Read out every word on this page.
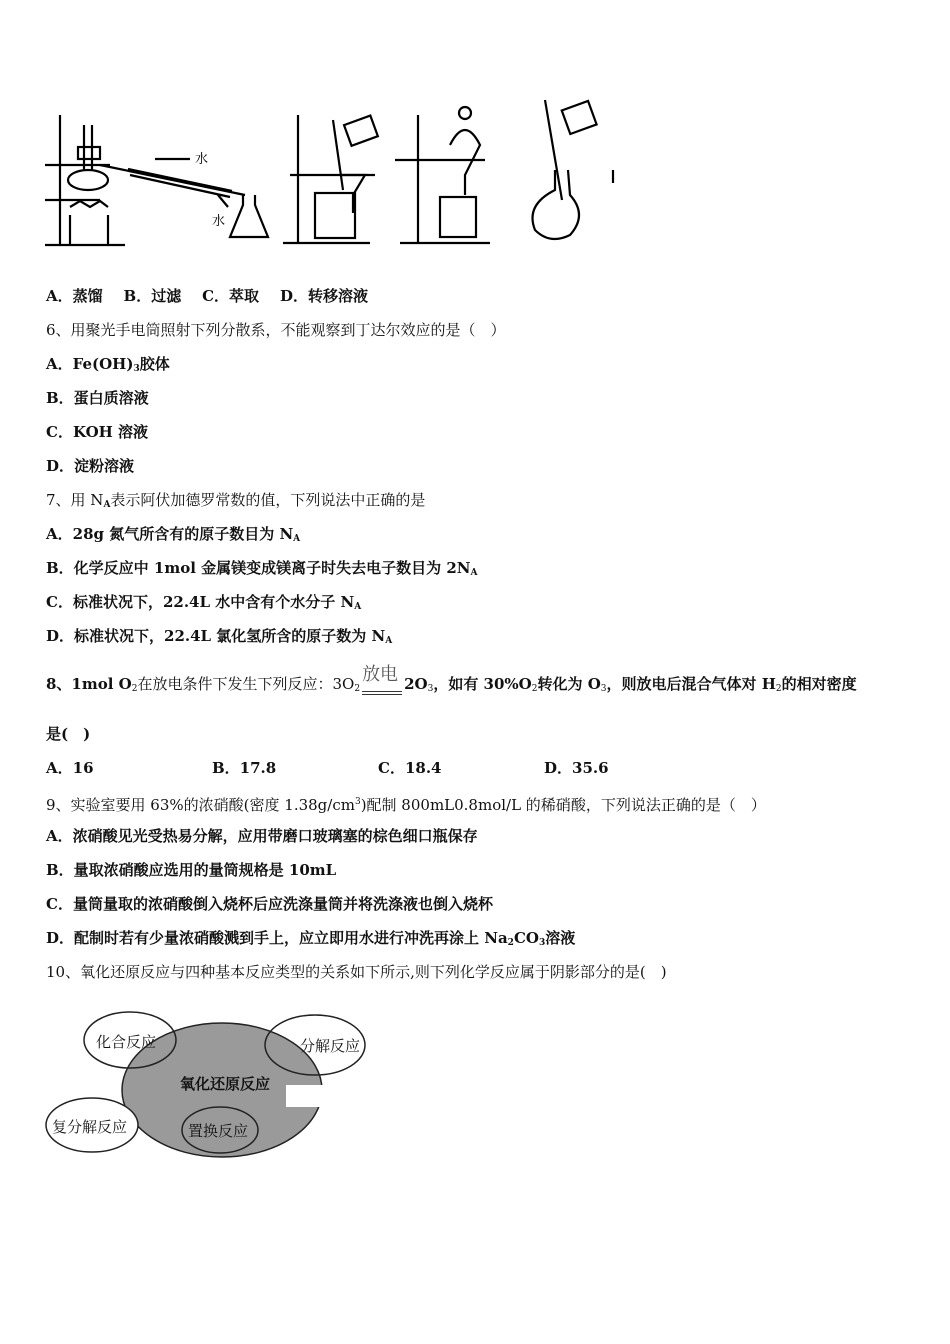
水
水
A．蒸馏 B．过滤 C．萃取 D．转移溶液
6、用聚光手电筒照射下列分散系，不能观察到丁达尔效应的是（　）
A．$Fe(OH)_3$胶体
B．蛋白质溶液
C．KOH 溶液
D．淀粉溶液
7、用 $N_A$表示阿伏加德罗常数的值，下列说法中正确的是
A．28g 氮气所含有的原子数目为 $N_A$
B．化学反应中 1mol 金属镁变成镁离子时失去电子数目为 $2N_A$
C．标准状况下，22.4L 水中含有个水分子 $N_A$
D．标准状况下，22.4L 氯化氢所含的原子数为 $N_A$
8、1mol $O_2$在放电条件下发生下列反应：$3O_2$
放电 $2O_3$，如有 $30\%O_2$转化为 $O_3$，则放电后混合气体对 $H_2$的相对密度
是(　)
A．16	B．17.8	C．18.4	D．35.6
9、实验室要用 63%的浓硝酸(密度 $1.38g/cm^3$)配制 800mL0.8mol/L 的稀硝酸，下列说法正确的是（　）
A．浓硝酸见光受热易分解，应用带磨口玻璃塞的棕色细口瓶保存
B．量取浓硝酸应选用的量筒规格是 10mL
C．量筒量取的浓硝酸倒入烧杯后应洗涤量筒并将洗涤液也倒入烧杯
D．配制时若有少量浓硝酸溅到手上，应立即用水进行冲洗再涂上 $Na_2CO_3$溶液
10、氧化还原反应与四种基本反应类型的关系如下所示,则下列化学反应属于阴影部分的是(　)
化合反应	分解反应
氧化还原反应
复分解反应	置换反应
